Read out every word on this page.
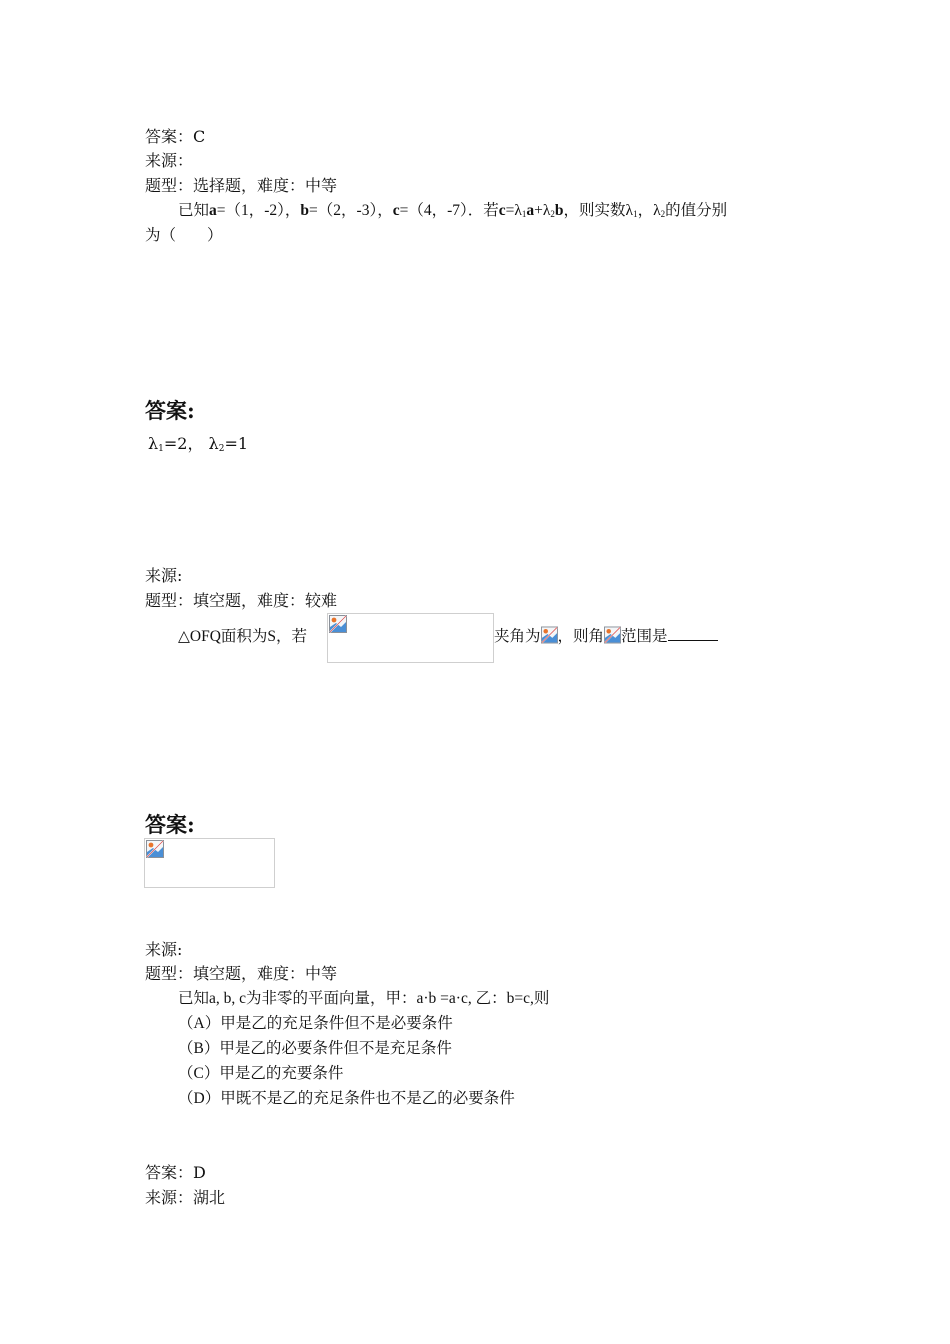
答案：C
来源：
题型：选择题，难度：中等
已知a=（1，-2），b=（2，-3），c=（4，-7）．若$c=\lambda_1a+\lambda_2b$，则实数$\lambda_1$，$\lambda_2$的值分别
为（　　）
答案:
$\lambda_1=2$， $\lambda_2=1$
来源:
题型：填空题，难度：较难
△OFQ面积为S，若	夹角为 ，则角 范围是
答案:
来源:
题型：填空题，难度：中等
已知a, b, c为非零的平面向量，甲：a·b =a·c, 乙：b=c,则
（A）甲是乙的充足条件但不是必要条件
（B）甲是乙的必要条件但不是充足条件
（C）甲是乙的充要条件
（D）甲既不是乙的充足条件也不是乙的必要条件
答案：D
来源：湖北
